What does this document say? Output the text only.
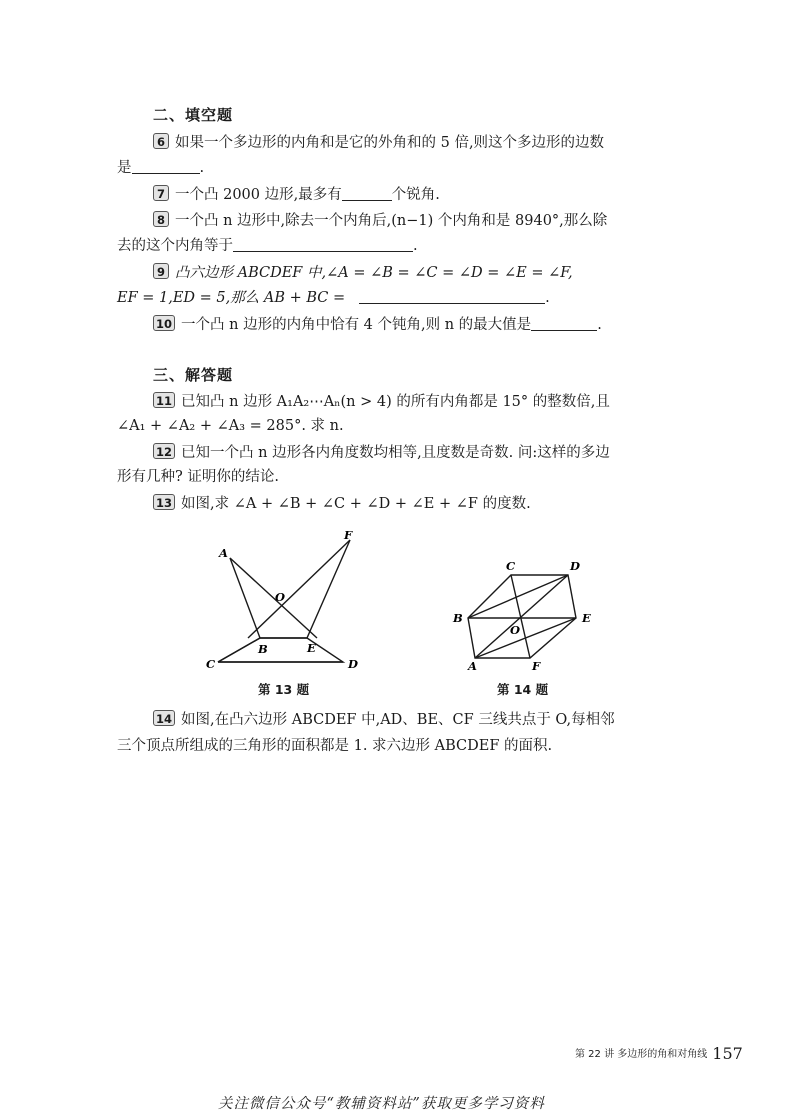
二、填空题
6 如果一个多边形的内角和是它的外角和的 5 倍,则这个多边形的边数
是	.
7 一个凸 2000 边形,最多有	个锐角.
8 一个凸 n 边形中,除去一个内角后,(n−1) 个内角和是 8940°,那么除
去的这个内角等于	.
9 凸六边形 ABCDEF 中,∠A = ∠B = ∠C = ∠D = ∠E = ∠F,
EF = 1,ED = 5,那么 AB + BC =	.
10 一个凸 n 边形的内角中恰有 4 个钝角,则 n 的最大值是	.
三、解答题
11 已知凸 n 边形 A₁A₂⋯Aₙ(n > 4) 的所有内角都是 15° 的整数倍,且
∠A₁ + ∠A₂ + ∠A₃ = 285°. 求 n.
12 已知一个凸 n 边形各内角度数均相等,且度数是奇数. 问:这样的多边
形有几种? 证明你的结论.
13 如图,求 ∠A + ∠B + ∠C + ∠D + ∠E + ∠F 的度数.
A
B
C	D
E
F
O
第 13 题
A
B
C	D
E
F
O
第 14 题
14 如图,在凸六边形 ABCDEF 中,AD、BE、CF 三线共点于 O,每相邻
三个顶点所组成的三角形的面积都是 1. 求六边形 ABCDEF 的面积.
第 22 讲 多边形的角和对角线 157
关注微信公众号“教辅资料站”获取更多学习资料
